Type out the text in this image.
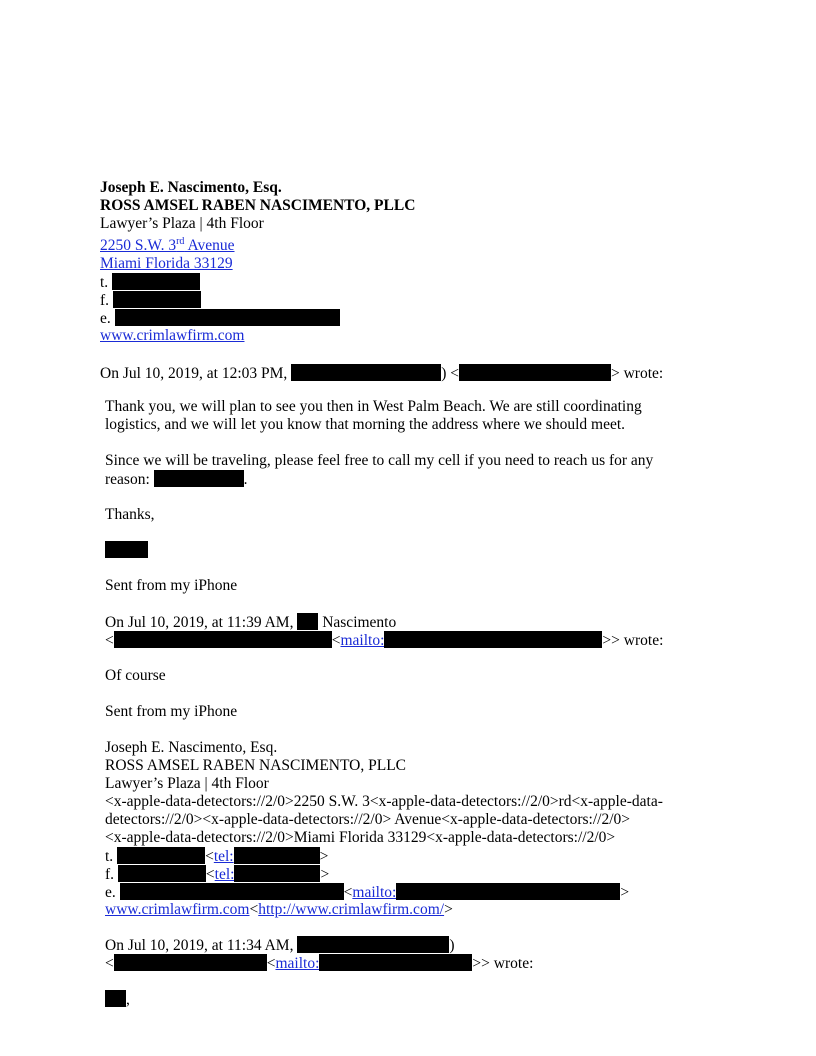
Joseph E. Nascimento, Esq.
ROSS AMSEL RABEN NASCIMENTO, PLLC
Lawyer’s Plaza | 4th Floor
2250 S.W. 3rd Avenue
Miami Florida 33129
t.
f.
e.
www.crimlawfirm.com
On Jul 10, 2019, at 12:03 PM,	) <	> wrote:
Thank you, we will plan to see you then in West Palm Beach. We are still coordinating
logistics, and we will let you know that morning the address where we should meet.
Since we will be traveling, please feel free to call my cell if you need to reach us for any
reason:	.
Thanks,
Sent from my iPhone
On Jul 10, 2019, at 11:39 AM, Nascimento
<	<mailto:	>> wrote:
Of course
Sent from my iPhone
Joseph E. Nascimento, Esq.
ROSS AMSEL RABEN NASCIMENTO, PLLC
Lawyer’s Plaza | 4th Floor
<x-apple-data-detectors://2/0>2250 S.W. 3<x-apple-data-detectors://2/0>rd<x-apple-data-
detectors://2/0><x-apple-data-detectors://2/0> Avenue<x-apple-data-detectors://2/0>
<x-apple-data-detectors://2/0>Miami Florida 33129<x-apple-data-detectors://2/0>
t.	<tel:	>
f.	<tel:	>
e.	<mailto:	>
www.crimlawfirm.com<http://www.crimlawfirm.com/>
On Jul 10, 2019, at 11:34 AM,	)
<	<mailto:	>> wrote:
,
